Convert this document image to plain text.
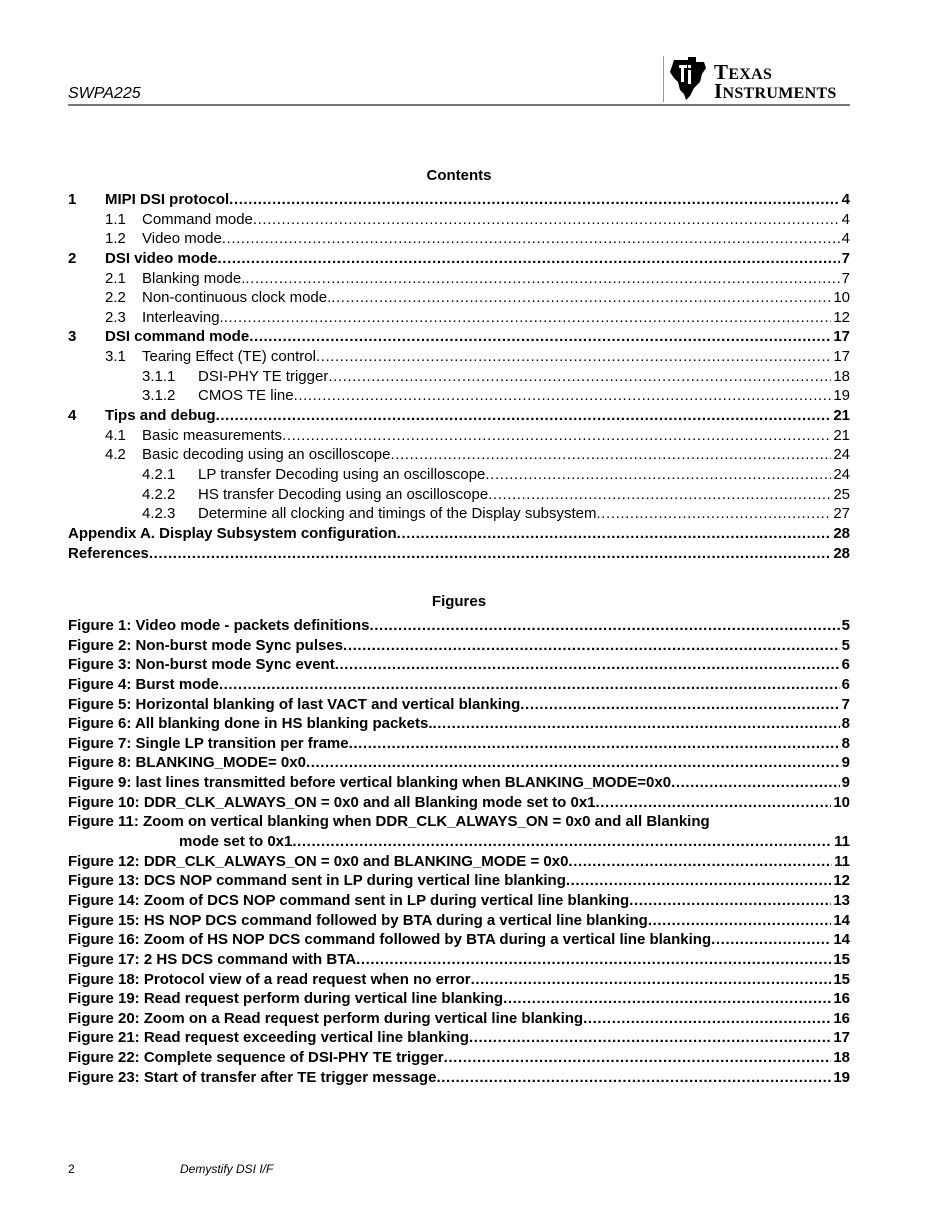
SWPA225
TEXAS
INSTRUMENTS
Contents
1 MIPI DSI protocol .....	4
1.1 Command mode .....	4
1.2 Video mode .....	4
2 DSI video mode .....	7
2.1 Blanking mode. .....	7
2.2 Non-continuous clock mode. .....	10
2.3 Interleaving. .....	12
3 DSI command mode .....	17
3.1 Tearing Effect (TE) control .....	17
3.1.1 DSI-PHY TE trigger .....	18
3.1.2 CMOS TE line .....	19
4 Tips and debug .....	21
4.1 Basic measurements .....	21
4.2 Basic decoding using an oscilloscope .....	24
4.2.1 LP transfer Decoding using an oscilloscope .....	24
4.2.2 HS transfer Decoding using an oscilloscope .....	25
4.2.3 Determine all clocking and timings of the Display subsystem .....	27
Appendix A. Display Subsystem configuration .....	28
References .....	28
Figures
Figure 1: Video mode - packets definitions .....	5
Figure 2: Non-burst mode Sync pulses .....	5
Figure 3: Non-burst mode Sync event .....	6
Figure 4: Burst mode .....	6
Figure 5: Horizontal blanking of last VACT and vertical blanking .....	7
Figure 6: All blanking done in HS blanking packets. .....	8
Figure 7: Single LP transition per frame .....	8
Figure 8: BLANKING_MODE= 0x0 .....	9
Figure 9: last lines transmitted before vertical blanking when BLANKING_MODE=0x0 .....	9
Figure 10: DDR_CLK_ALWAYS_ON = 0x0 and all Blanking mode set to 0x1 .....	10
Figure 11: Zoom on vertical blanking when DDR_CLK_ALWAYS_ON = 0x0 and all Blanking
mode set to 0x1 .....	11
Figure 12: DDR_CLK_ALWAYS_ON = 0x0 and BLANKING_MODE = 0x0 .....	11
Figure 13: DCS NOP command sent in LP during vertical line blanking .....	12
Figure 14: Zoom of DCS NOP command sent in LP during vertical line blanking .....	13
Figure 15: HS NOP DCS command followed by BTA during a vertical line blanking .....	14
Figure 16: Zoom of HS NOP DCS command followed by BTA during a vertical line blanking .....	14
Figure 17: 2 HS DCS command with BTA .....	15
Figure 18: Protocol view of a read request when no error .....	15
Figure 19: Read request perform during vertical line blanking .....	16
Figure 20: Zoom on a Read request perform during vertical line blanking .....	16
Figure 21: Read request exceeding vertical line blanking .....	17
Figure 22: Complete sequence of DSI-PHY TE trigger .....	18
Figure 23: Start of transfer after TE trigger message .....	19
2	Demystify DSI I/F
